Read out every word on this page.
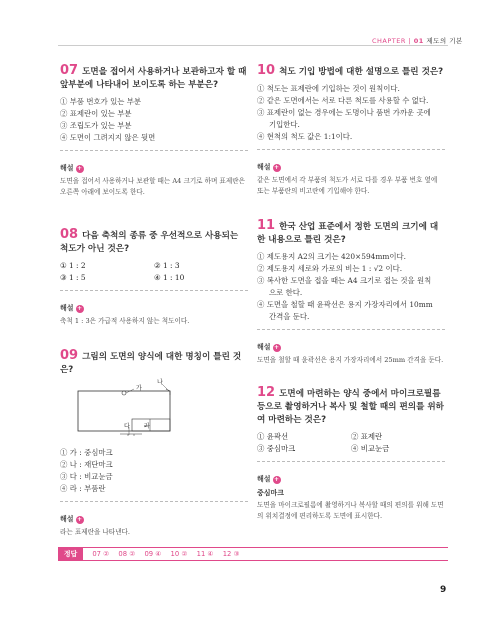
CHAPTER | 01 제도의 기본
07 도면을 접어서 사용하거나 보관하고자 할 때 앞부분에 나타내어 보이도록 하는 부분은?
① 부품 번호가 있는 부분
② 표제란이 있는 부분
③ 조립도가 있는 부분
④ 도면이 그려지지 않은 뒷면
해설 +
도면을 접어서 사용하거나 보관할 때는 A4 크기로 하며 표제란은 오른쪽 아래에 보이도록 한다.
08 다음 축척의 종류 중 우선적으로 사용되는 척도가 아닌 것은?
① 1 : 2	② 1 : 3
③ 1 : 5	④ 1 : 10
해설 +
축척 1 : 3은 가급적 사용하지 않는 척도이다.
09 그림의 도면의 양식에 대한 명칭이 틀린 것은?
가
나
다 라
① 가 : 중심마크
② 나 : 재단마크
③ 다 : 비교눈금
④ 라 : 부품란
해설 +
라는 표제란을 나타낸다.
10 척도 기입 방법에 대한 설명으로 틀린 것은?
① 척도는 표제란에 기입하는 것이 원칙이다.
② 같은 도면에서는 서로 다른 척도를 사용할 수 없다.
③ 표제란이 없는 경우에는 도명이나 품번 가까운 곳에
기입한다.
④ 현척의 척도 값은 1:1이다.
해설 +
같은 도면에서 각 부품의 척도가 서로 다를 경우 부품 번호 옆에 또는 부품란의 비고란에 기입해야 한다.
11 한국 산업 표준에서 정한 도면의 크기에 대한 내용으로 틀린 것은?
① 제도용지 A2의 크기는 420×594mm이다.
② 제도용지 세로와 가로의 비는 1 : √2 이다.
③ 복사한 도면을 접을 때는 A4 크기로 접는 것을 원칙
으로 한다.
④ 도면을 철할 때 윤곽선은 용지 가장자리에서 10mm
간격을 둔다.
해설 +
도면을 철할 때 윤곽선은 용지 가장자리에서 25mm 간격을 둔다.
12 도면에 마련하는 양식 중에서 마이크로필름 등으로 촬영하거나 복사 및 철할 때의 편의를 위하여 마련하는 것은?
① 윤곽선	② 표제란
③ 중심마크	④ 비교눈금
해설 +
중심마크
도면을 마이크로필름에 촬영하거나 복사할 때의 편의를 위해 도면의 위치결정에 편리하도록 도면에 표시한다.
정답 07 ② 08 ② 09 ④ 10 ② 11 ④ 12 ③
9
